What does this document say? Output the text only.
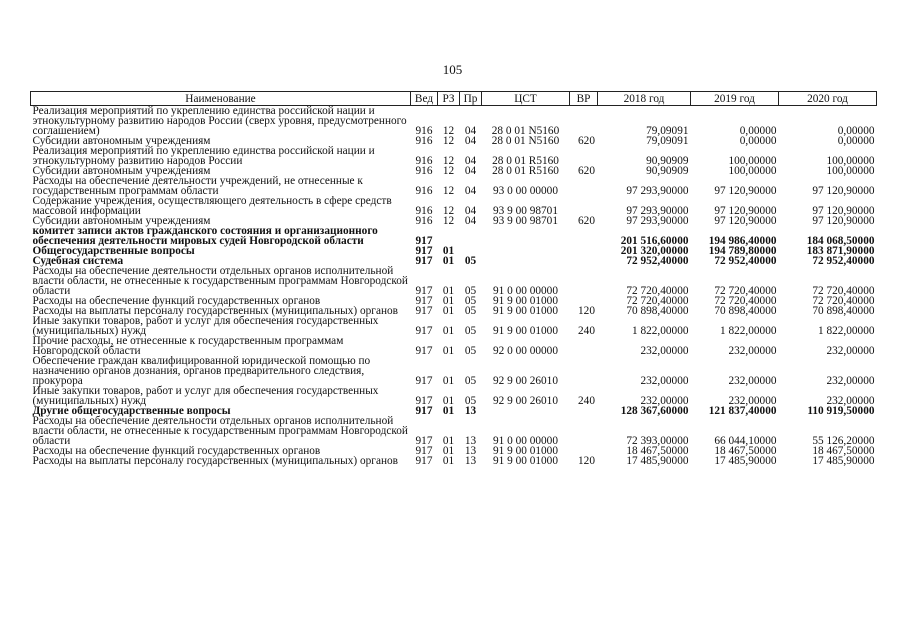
105
Наименование	Вед	РЗ	Пр	ЦСТ	ВР	2018 год	2019 год	2020 год
Реализация мероприятий по укреплению единства российской нации и этнокультурному развитию народов России (сверх уровня, предусмотренного соглашением)	916	12	04	28 0 01 N5160		79,09091	0,00000	0,00000
Субсидии автономным учреждениям	916	12	04	28 0 01 N5160	620	79,09091	0,00000	0,00000
Реализация мероприятий по укреплению единства российской нации и этнокультурному развитию народов России	916	12	04	28 0 01 R5160		90,90909	100,00000	100,00000
Субсидии автономным учреждениям	916	12	04	28 0 01 R5160	620	90,90909	100,00000	100,00000
Расходы на обеспечение деятельности учреждений, не отнесенные к государственным программам области	916	12	04	93 0 00 00000		97 293,90000	97 120,90000	97 120,90000
Содержание учреждения, осуществляющего деятельность в сфере средств массовой информации	916	12	04	93 9 00 98701		97 293,90000	97 120,90000	97 120,90000
Субсидии автономным учреждениям	916	12	04	93 9 00 98701	620	97 293,90000	97 120,90000	97 120,90000
комитет записи актов гражданского состояния и организационного обеспечения деятельности мировых судей Новгородской области	917					201 516,60000	194 986,40000	184 068,50000
Общегосударственные вопросы	917	01				201 320,00000	194 789,80000	183 871,90000
Судебная система	917	01	05			72 952,40000	72 952,40000	72 952,40000
Расходы на обеспечение деятельности отдельных органов исполнительной власти области, не отнесенные к государственным программам Новгородской области	917	01	05	91 0 00 00000		72 720,40000	72 720,40000	72 720,40000
Расходы на обеспечение функций государственных органов	917	01	05	91 9 00 01000		72 720,40000	72 720,40000	72 720,40000
Расходы на выплаты персоналу государственных (муниципальных) органов	917	01	05	91 9 00 01000	120	70 898,40000	70 898,40000	70 898,40000
Иные закупки товаров, работ и услуг для обеспечения государственных (муниципальных) нужд	917	01	05	91 9 00 01000	240	1 822,00000	1 822,00000	1 822,00000
Прочие расходы, не отнесенные к государственным программам Новгородской области	917	01	05	92 0 00 00000		232,00000	232,00000	232,00000
Обеспечение граждан квалифицированной юридической помощью по назначению органов дознания, органов предварительного следствия, прокурора	917	01	05	92 9 00 26010		232,00000	232,00000	232,00000
Иные закупки товаров, работ и услуг для обеспечения государственных (муниципальных) нужд	917	01	05	92 9 00 26010	240	232,00000	232,00000	232,00000
Другие общегосударственные вопросы	917	01	13			128 367,60000	121 837,40000	110 919,50000
Расходы на обеспечение деятельности отдельных органов исполнительной власти области, не отнесенные к государственным программам Новгородской области	917	01	13	91 0 00 00000		72 393,00000	66 044,10000	55 126,20000
Расходы на обеспечение функций государственных органов	917	01	13	91 9 00 01000		18 467,50000	18 467,50000	18 467,50000
Расходы на выплаты персоналу государственных (муниципальных) органов	917	01	13	91 9 00 01000	120	17 485,90000	17 485,90000	17 485,90000
